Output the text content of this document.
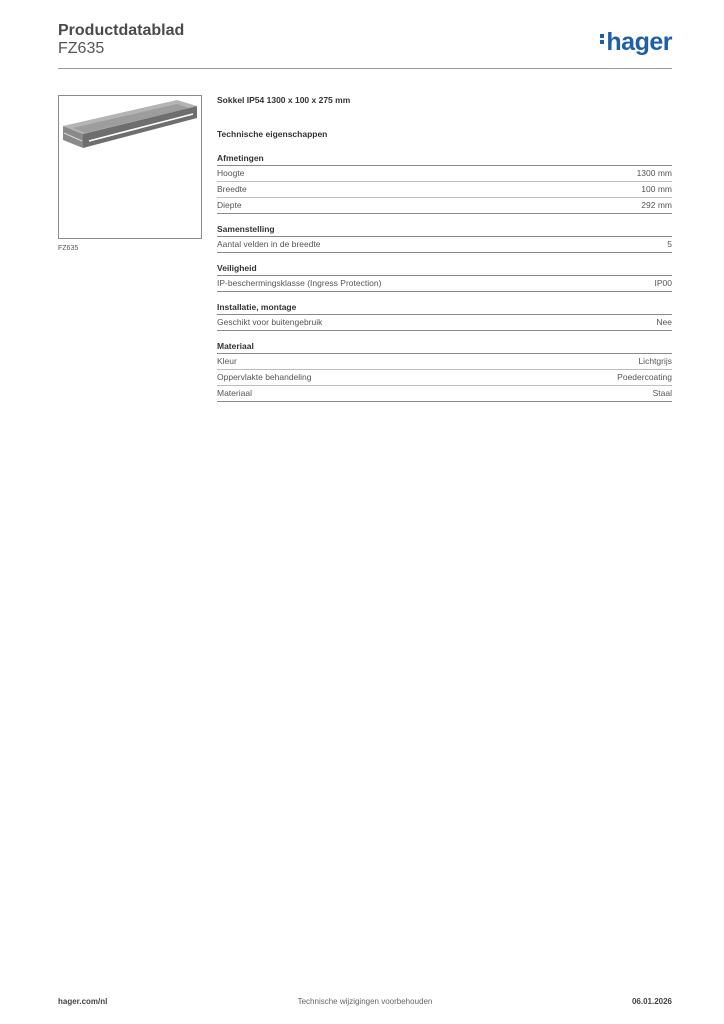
Productdatablad
FZ635	hager
FZ635
Sokkel IP54 1300 x 100 x 275 mm
Technische eigenschappen
Afmetingen
Hoogte	1300 mm
Breedte	100 mm
Diepte	292 mm
Samenstelling
Aantal velden in de breedte	5
Veiligheid
IP-beschermingsklasse (Ingress Protection)	IP00
Installatie, montage
Geschikt voor buitengebruik	Nee
Materiaal
Kleur	Lichtgrijs
Oppervlakte behandeling	Poedercoating
Materiaal	Staal
hager.com/nl	Technische wijzigingen voorbehouden	06.01.2026
